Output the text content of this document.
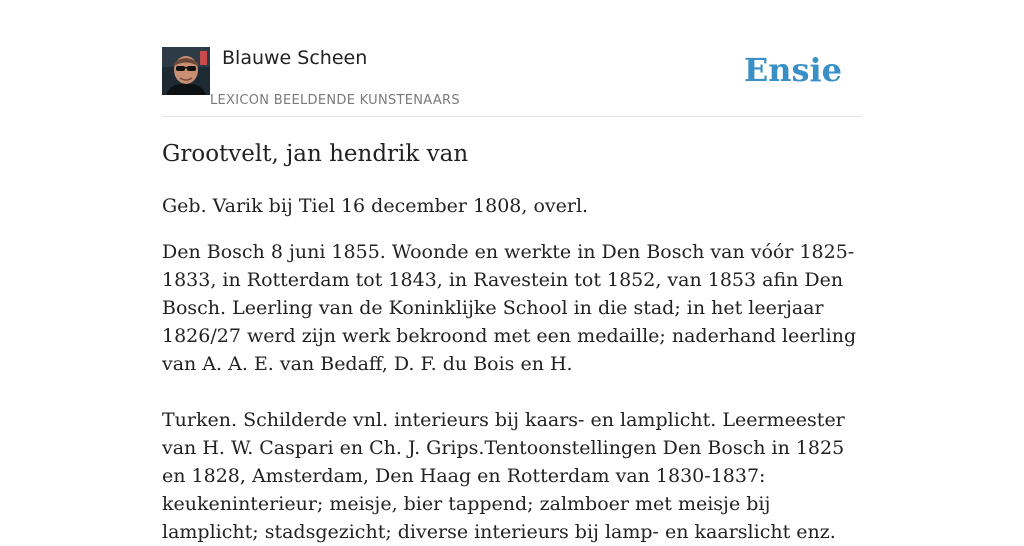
Blauwe Scheen
LEXICON BEELDENDE KUNSTENAARS
Ensie
Grootvelt, jan hendrik van

Geb. Varik bij Tiel 16 december 1808, overl.

Den Bosch 8 juni 1855. Woonde en werkte in Den Bosch van vóór 1825-1833, in Rotterdam tot 1843, in Ravestein tot 1852, van 1853 afin Den Bosch. Leerling van de Koninklijke School in die stad; in het leerjaar 1826/27 werd zijn werk bekroond met een medaille; naderhand leerling van A. A. E. van Bedaff, D. F. du Bois en H.

Turken. Schilderde vnl. interieurs bij kaars- en lamplicht. Leermeester van H. W. Caspari en Ch. J. Grips.Tentoonstellingen Den Bosch in 1825 en 1828, Amsterdam, Den Haag en Rotterdam van 1830-1837: keukeninterieur; meisje, bier tappend; zalmboer met meisje bij lamplicht; stadsgezicht; diverse interieurs bij lamp- en kaarslicht enz.
